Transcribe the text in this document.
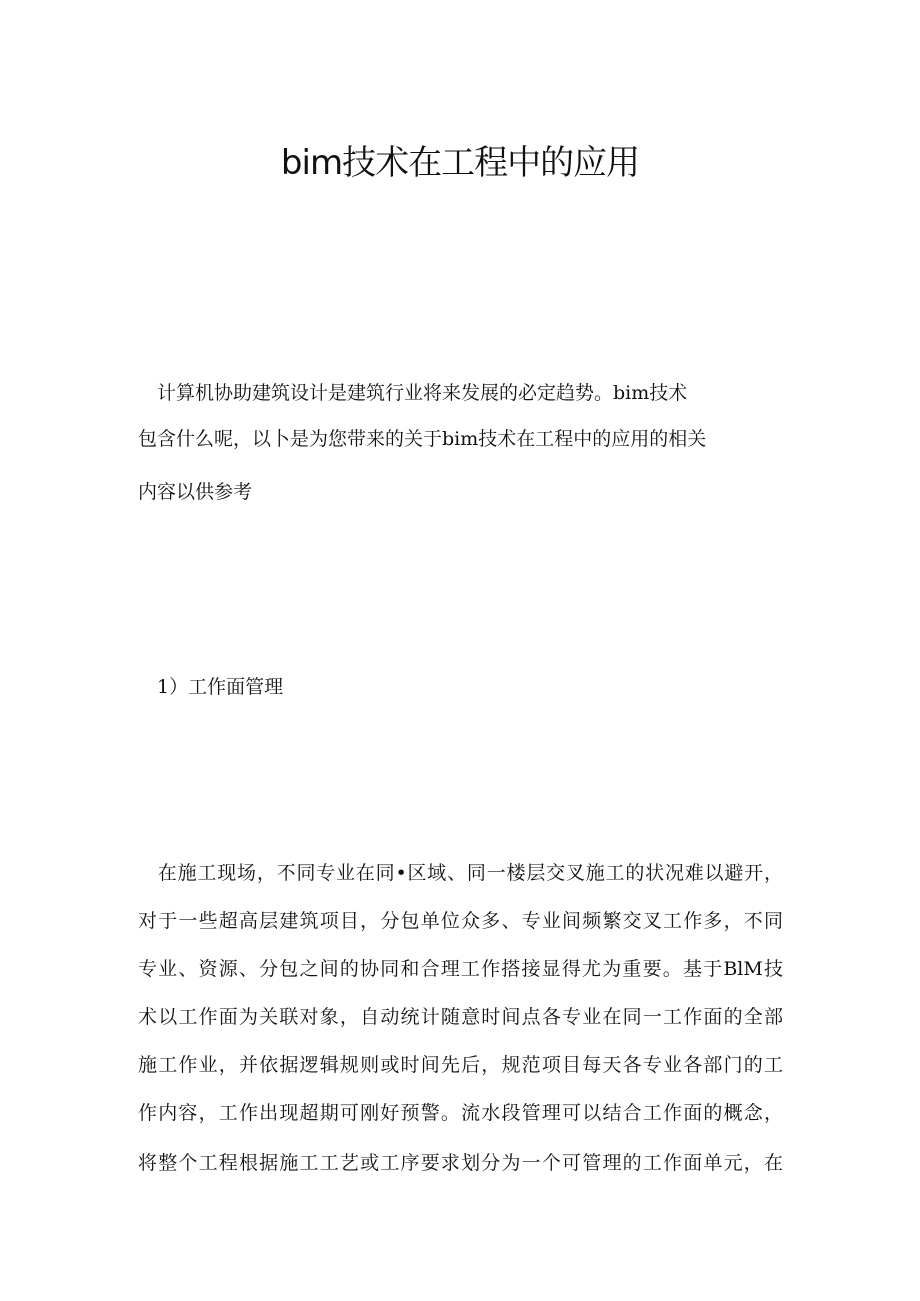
bim技术在工程中的应用
　计算机协助建筑设计是建筑行业将来发展的必定趋势。bim技术
包含什么呢，以卜是为您带来的关于bim技术在工程中的应用的相关
内容以供参考
　1）工作面管理
　在施工现场，不同专业在同•区域、同一楼层交叉施工的状况难以避开，
对于一些超高层建筑项目，分包单位众多、专业间频繁交叉工作多，不同
专业、资源、分包之间的协同和合理工作搭接显得尤为重要。基于BlM技
术以工作面为关联对象，自动统计随意时间点各专业在同一工作面的全部
施工作业，并依据逻辑规则或时间先后，规范项目每天各专业各部门的工
作内容，工作出现超期可刚好预警。流水段管理可以结合工作面的概念，
将整个工程根据施工工艺或工序要求划分为一个可管理的工作面单元，在
